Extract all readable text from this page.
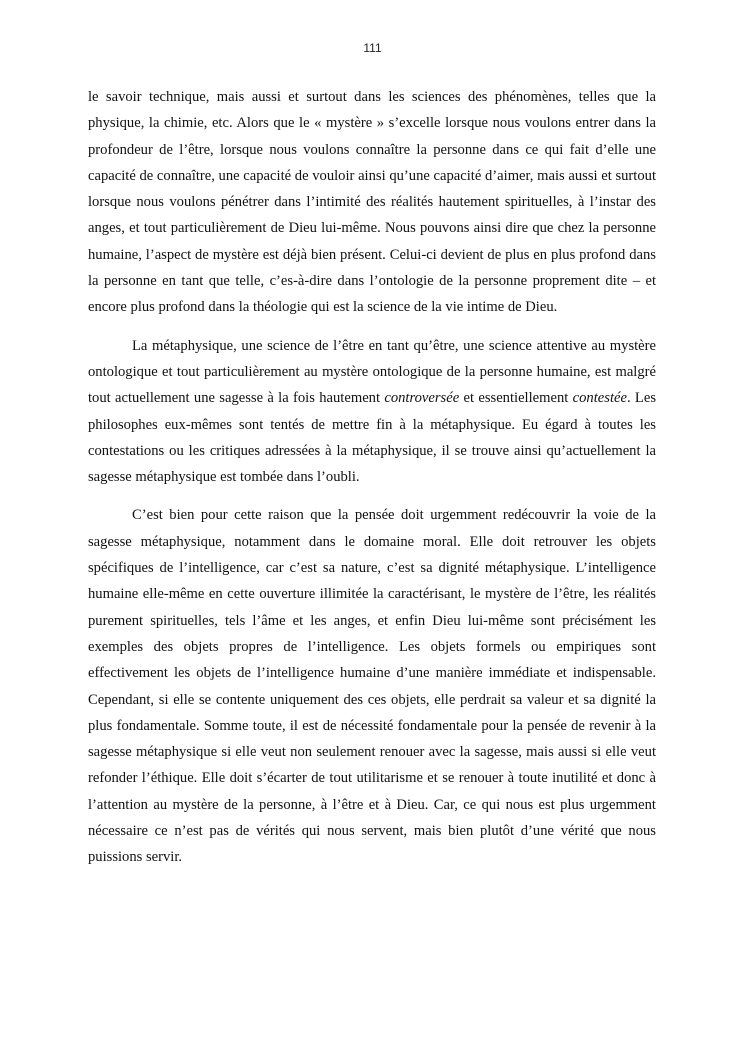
111

le savoir technique, mais aussi et surtout dans les sciences des phénomènes, telles que la physique, la chimie, etc. Alors que le « mystère » s’excelle lorsque nous voulons entrer dans la profondeur de l’être, lorsque nous voulons connaître la personne dans ce qui fait d’elle une capacité de connaître, une capacité de vouloir ainsi qu’une capacité d’aimer, mais aussi et surtout lorsque nous voulons pénétrer dans l’intimité des réalités hautement spirituelles, à l’instar des anges, et tout particulièrement de Dieu lui-même. Nous pouvons ainsi dire que chez la personne humaine, l’aspect de mystère est déjà bien présent. Celui-ci devient de plus en plus profond dans la personne en tant que telle, c’es-à-dire dans l’ontologie de la personne proprement dite – et encore plus profond dans la théologie qui est la science de la vie intime de Dieu.

La métaphysique, une science de l’être en tant qu’être, une science attentive au mystère ontologique et tout particulièrement au mystère ontologique de la personne humaine, est malgré tout actuellement une sagesse à la fois hautement controversée et essentiellement contestée. Les philosophes eux-mêmes sont tentés de mettre fin à la métaphysique. Eu égard à toutes les contestations ou les critiques adressées à la métaphysique, il se trouve ainsi qu’actuellement la sagesse métaphysique est tombée dans l’oubli.

C’est bien pour cette raison que la pensée doit urgemment redécouvrir la voie de la sagesse métaphysique, notamment dans le domaine moral. Elle doit retrouver les objets spécifiques de l’intelligence, car c’est sa nature, c’est sa dignité métaphysique. L’intelligence humaine elle-même en cette ouverture illimitée la caractérisant, le mystère de l’être, les réalités purement spirituelles, tels l’âme et les anges, et enfin Dieu lui-même sont précisément les exemples des objets propres de l’intelligence. Les objets formels ou empiriques sont effectivement les objets de l’intelligence humaine d’une manière immédiate et indispensable. Cependant, si elle se contente uniquement des ces objets, elle perdrait sa valeur et sa dignité la plus fondamentale. Somme toute, il est de nécessité fondamentale pour la pensée de revenir à la sagesse métaphysique si elle veut non seulement renouer avec la sagesse, mais aussi si elle veut refonder l’éthique. Elle doit s’écarter de tout utilitarisme et se renouer à toute inutilité et donc à l’attention au mystère de la personne, à l’être et à Dieu. Car, ce qui nous est plus urgemment nécessaire ce n’est pas de vérités qui nous servent, mais bien plutôt d’une vérité que nous puissions servir.
